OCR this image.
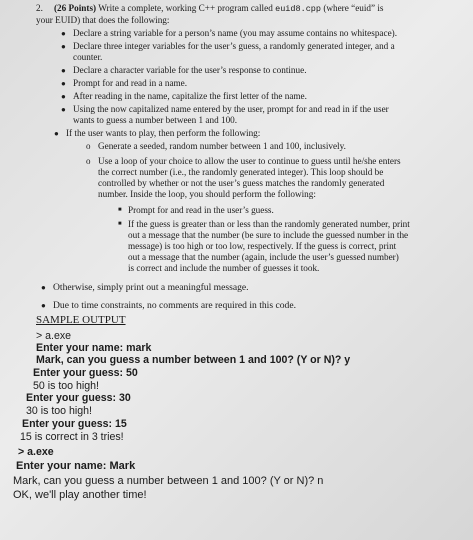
2. (26 Points) Write a complete, working C++ program called euid8.cpp (where “euid” is
your EUID) that does the following:
● Declare a string variable for a person’s name (you may assume contains no whitespace).
● Declare three integer variables for the user’s guess, a randomly generated integer, and a
counter.
● Declare a character variable for the user’s response to continue.
● Prompt for and read in a name.
● After reading in the name, capitalize the first letter of the name.
● Using the now capitalized name entered by the user, prompt for and read in if the user
wants to guess a number between 1 and 100.
● If the user wants to play, then perform the following:
o Generate a seeded, random number between 1 and 100, inclusively.
o Use a loop of your choice to allow the user to continue to guess until he/she enters
the correct number (i.e., the randomly generated integer). This loop should be
controlled by whether or not the user’s guess matches the randomly generated
number. Inside the loop, you should perform the following:
■ Prompt for and read in the user’s guess.
■ If the guess is greater than or less than the randomly generated number, print
out a message that the number (be sure to include the guessed number in the
message) is too high or too low, respectively. If the guess is correct, print
out a message that the number (again, include the user’s guessed number)
is correct and include the number of guesses it took.
● Otherwise, simply print out a meaningful message.
● Due to time constraints, no comments are required in this code.
SAMPLE OUTPUT
> a.exe
Enter your name: mark
Mark, can you guess a number between 1 and 100? (Y or N)? y
Enter your guess: 50
50 is too high!
Enter your guess: 30
30 is too high!
Enter your guess: 15
15 is correct in 3 tries!
> a.exe
Enter your name: Mark
Mark, can you guess a number between 1 and 100? (Y or N)? n
OK, we'll play another time!
